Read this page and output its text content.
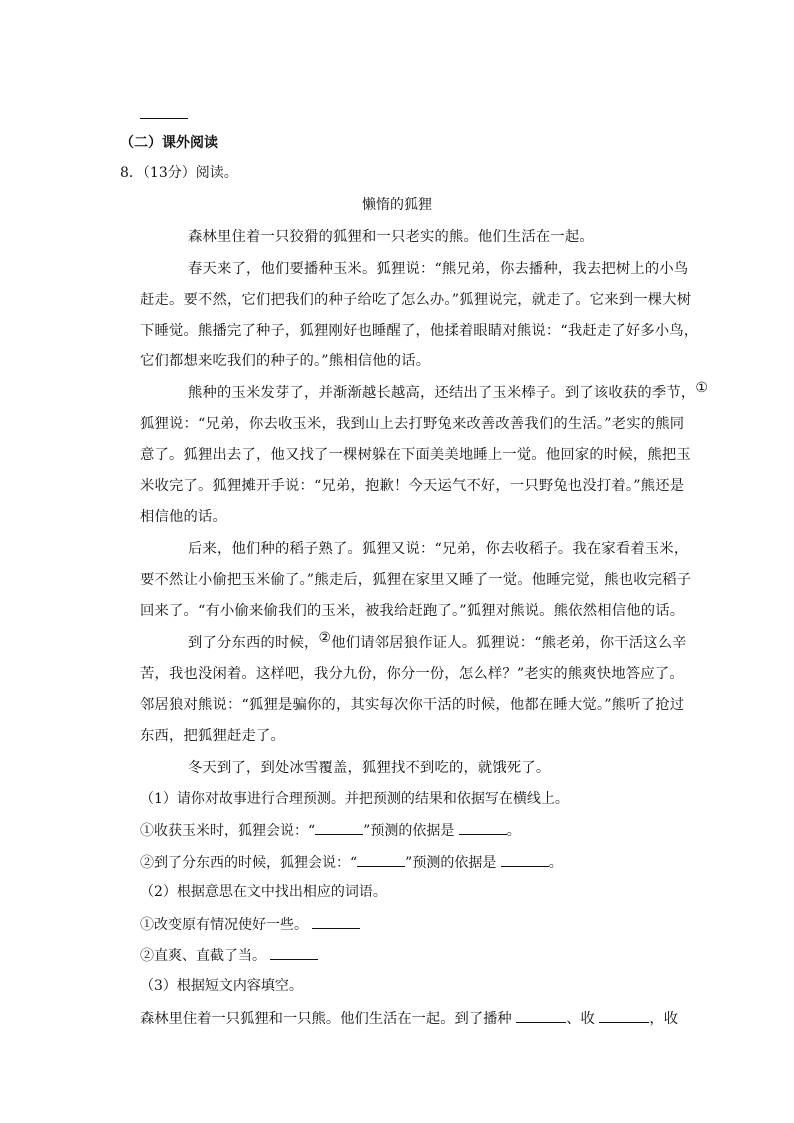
（二）课外阅读
8．（13分）阅读。
懒惰的狐狸
森林里住着一只狡猾的狐狸和一只老实的熊。他们生活在一起。
春天来了，他们要播种玉米。狐狸说：“熊兄弟，你去播种，我去把树上的小鸟
赶走。要不然，它们把我们的种子给吃了怎么办。”狐狸说完，就走了。它来到一棵大树
下睡觉。熊播完了种子，狐狸刚好也睡醒了，他揉着眼睛对熊说：“我赶走了好多小鸟，
它们都想来吃我们的种子的。”熊相信他的话。
熊种的玉米发芽了，并渐渐越长越高，还结出了玉米棒子。到了该收获的季节，①
狐狸说：“兄弟，你去收玉米，我到山上去打野兔来改善改善我们的生活。”老实的熊同
意了。狐狸出去了，他又找了一棵树躲在下面美美地睡上一觉。他回家的时候，熊把玉
米收完了。狐狸摊开手说：“兄弟，抱歉！今天运气不好，一只野兔也没打着。”熊还是
相信他的话。
后来，他们种的稻子熟了。狐狸又说：“兄弟，你去收稻子。我在家看着玉米，
要不然让小偷把玉米偷了。”熊走后，狐狸在家里又睡了一觉。他睡完觉，熊也收完稻子
回来了。“有小偷来偷我们的玉米，被我给赶跑了。”狐狸对熊说。熊依然相信他的话。
到了分东西的时候，②他们请邻居狼作证人。狐狸说：“熊老弟，你干活这么辛
苦，我也没闲着。这样吧，我分九份，你分一份，怎么样？”老实的熊爽快地答应了。
邻居狼对熊说：“狐狸是骗你的，其实每次你干活的时候，他都在睡大觉。”熊听了抢过
东西，把狐狸赶走了。
冬天到了，到处冰雪覆盖，狐狸找不到吃的，就饿死了。
（1）请你对故事进行合理预测。并把预测的结果和依据写在横线上。
①收获玉米时，狐狸会说：“	”预测的依据是	。
②到了分东西的时候，狐狸会说：“	”预测的依据是	。
（2）根据意思在文中找出相应的词语。
①改变原有情况使好一些。
②直爽、直截了当。
（3）根据短文内容填空。
森林里住着一只狐狸和一只熊。他们生活在一起。到了播种	、收	，收
